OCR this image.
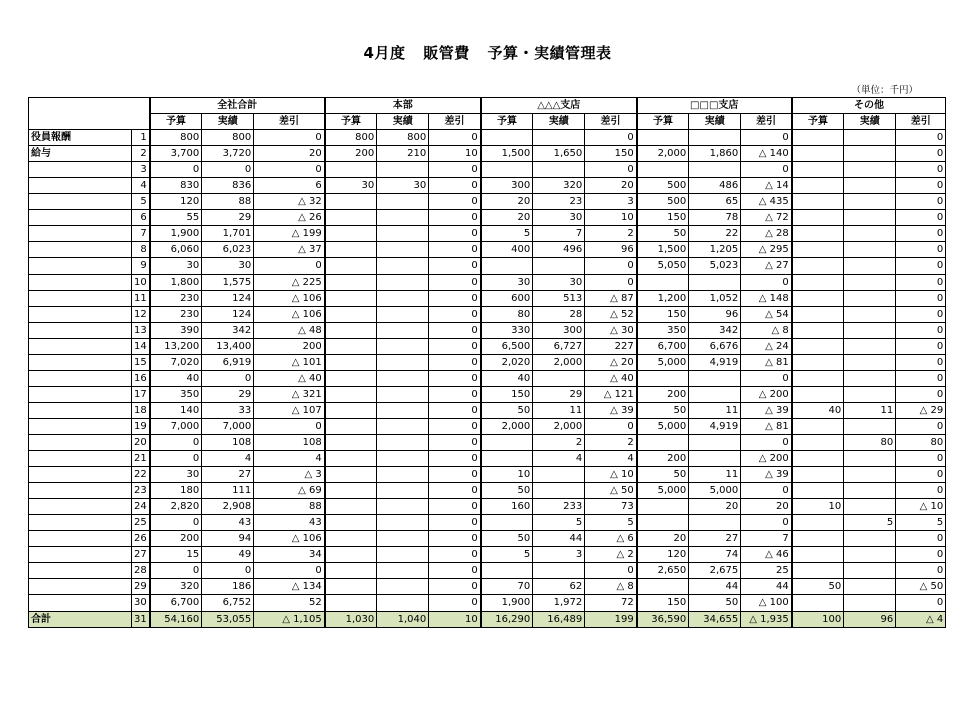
4月度 販管費 予算・実績管理表
（単位：千円）
		全社合計			本部			△△△支店			□□□支店			その他		
		予算	実績	差引	予算	実績	差引	予算	実績	差引	予算	実績	差引	予算	実績	差引
役員報酬	1	800	800	0	800	800	0			0			0			0
給与	2	3,700	3,720	20	200	210	10	1,500	1,650	150	2,000	1,860	△ 140			0
	3	0	0	0			0			0			0			0
	4	830	836	6	30	30	0	300	320	20	500	486	△ 14			0
	5	120	88	△ 32			0	20	23	3	500	65	△ 435			0
	6	55	29	△ 26			0	20	30	10	150	78	△ 72			0
	7	1,900	1,701	△ 199			0	5	7	2	50	22	△ 28			0
	8	6,060	6,023	△ 37			0	400	496	96	1,500	1,205	△ 295			0
	9	30	30	0			0			0	5,050	5,023	△ 27			0
	10	1,800	1,575	△ 225			0	30	30	0			0			0
	11	230	124	△ 106			0	600	513	△ 87	1,200	1,052	△ 148			0
	12	230	124	△ 106			0	80	28	△ 52	150	96	△ 54			0
	13	390	342	△ 48			0	330	300	△ 30	350	342	△ 8			0
	14	13,200	13,400	200			0	6,500	6,727	227	6,700	6,676	△ 24			0
	15	7,020	6,919	△ 101			0	2,020	2,000	△ 20	5,000	4,919	△ 81			0
	16	40	0	△ 40			0	40		△ 40			0			0
	17	350	29	△ 321			0	150	29	△ 121	200		△ 200			0
	18	140	33	△ 107			0	50	11	△ 39	50	11	△ 39	40	11	△ 29
	19	7,000	7,000	0			0	2,000	2,000	0	5,000	4,919	△ 81			0
	20	0	108	108			0		2	2			0		80	80
	21	0	4	4			0		4	4	200		△ 200			0
	22	30	27	△ 3			0	10		△ 10	50	11	△ 39			0
	23	180	111	△ 69			0	50		△ 50	5,000	5,000	0			0
	24	2,820	2,908	88			0	160	233	73		20	20	10		△ 10
	25	0	43	43			0		5	5			0		5	5
	26	200	94	△ 106			0	50	44	△ 6	20	27	7			0
	27	15	49	34			0	5	3	△ 2	120	74	△ 46			0
	28	0	0	0			0			0	2,650	2,675	25			0
	29	320	186	△ 134			0	70	62	△ 8		44	44	50		△ 50
	30	6,700	6,752	52			0	1,900	1,972	72	150	50	△ 100			0
合計	31	54,160	53,055	△ 1,105	1,030	1,040	10	16,290	16,489	199	36,590	34,655	△ 1,935	100	96	△ 4
